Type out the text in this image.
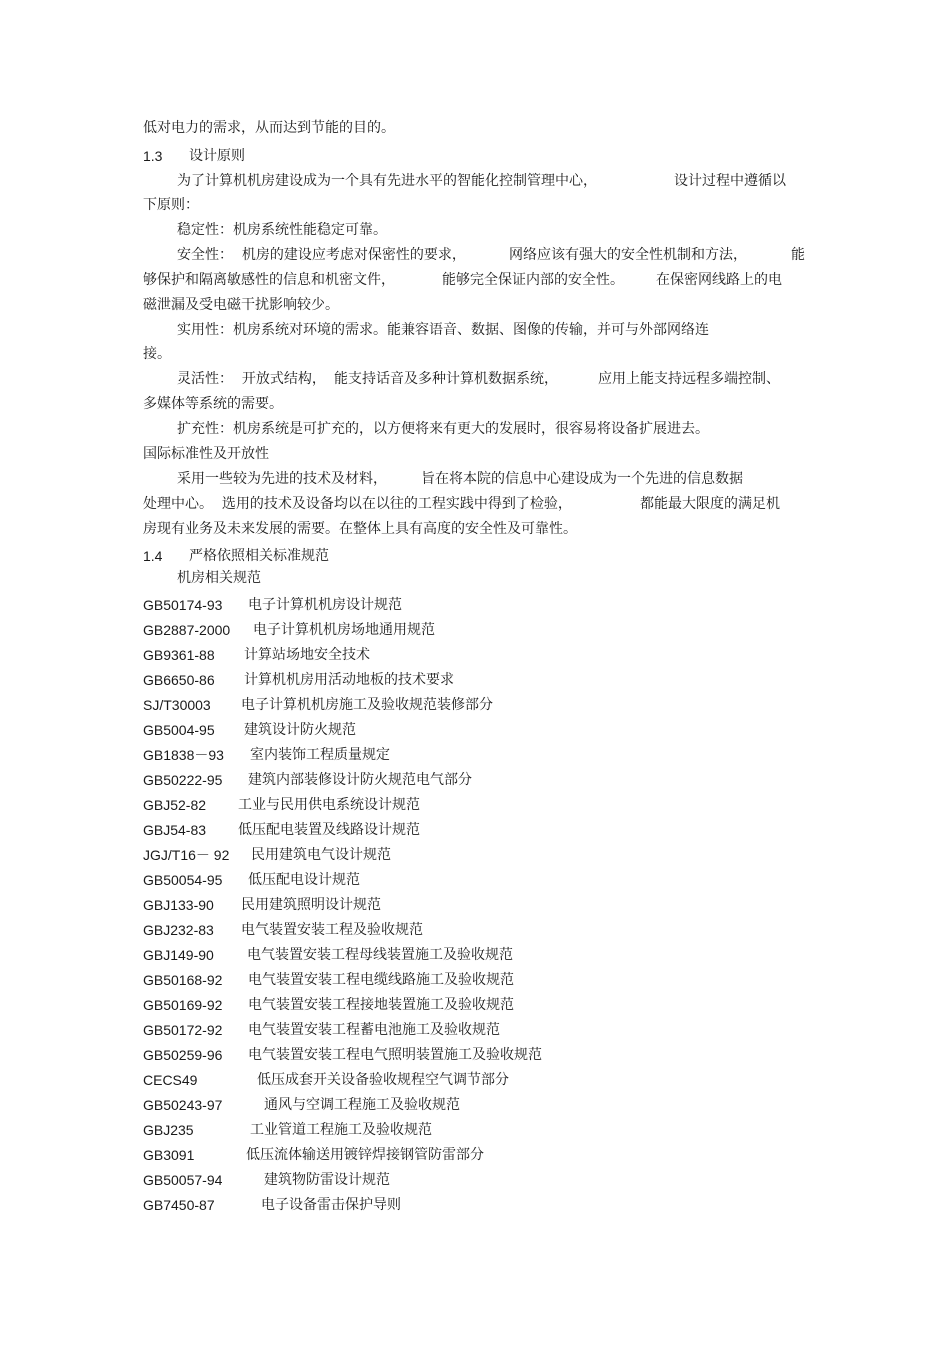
低对电力的需求，从而达到节能的目的。
1.3 设计原则
为了计算机机房建设成为一个具有先进水平的智能化控制管理中心，	设计过程中遵循以
下原则：
稳定性：机房系统性能稳定可靠。
安全性：  机房的建设应考虑对保密性的要求，	网络应该有强大的安全性机制和方法，	能
够保护和隔离敏感性的信息和机密文件，	能够完全保证内部的安全性。 在保密网线路上的电
磁泄漏及受电磁干扰影响较少。
实用性：机房系统对环境的需求。能兼容语音、数据、图像的传输，并可与外部网络连
接。
灵活性：  开放式结构， 能支持话音及多种计算机数据系统，	应用上能支持远程多端控制、
多媒体等系统的需要。
扩充性：机房系统是可扩充的，以方便将来有更大的发展时，很容易将设备扩展进去。
国际标准性及开放性
采用一些较为先进的技术及材料， 旨在将本院的信息中心建设成为一个先进的信息数据
处理中心。  选用的技术及设备均以在以往的工程实践中得到了检验，	都能最大限度的满足机
房现有业务及未来发展的需要。在整体上具有高度的安全性及可靠性。
1.4 严格依照相关标准规范
机房相关规范
GB50174-93 电子计算机机房设计规范
GB2887-2000 电子计算机机房场地通用规范
GB9361-88 计算站场地安全技术
GB6650-86 计算机机房用活动地板的技术要求
SJ/T30003 电子计算机机房施工及验收规范装修部分
GB5004-95 建筑设计防火规范
GB1838－93 室内装饰工程质量规定
GB50222-95 建筑内部装修设计防火规范电气部分
GBJ52-82 工业与民用供电系统设计规范
GBJ54-83 低压配电装置及线路设计规范
JGJ/T16－ 92 民用建筑电气设计规范
GB50054-95 低压配电设计规范
GBJ133-90 民用建筑照明设计规范
GBJ232-83 电气装置安装工程及验收规范
GBJ149-90 电气装置安装工程母线装置施工及验收规范
GB50168-92 电气装置安装工程电缆线路施工及验收规范
GB50169-92 电气装置安装工程接地装置施工及验收规范
GB50172-92 电气装置安装工程蓄电池施工及验收规范
GB50259-96 电气装置安装工程电气照明装置施工及验收规范
CECS49	低压成套开关设备验收规程空气调节部分
GB50243-97	通风与空调工程施工及验收规范
GBJ235	工业管道工程施工及验收规范
GB3091	低压流体输送用镀锌焊接钢管防雷部分
GB50057-94	建筑物防雷设计规范
GB7450-87	电子设备雷击保护导则
